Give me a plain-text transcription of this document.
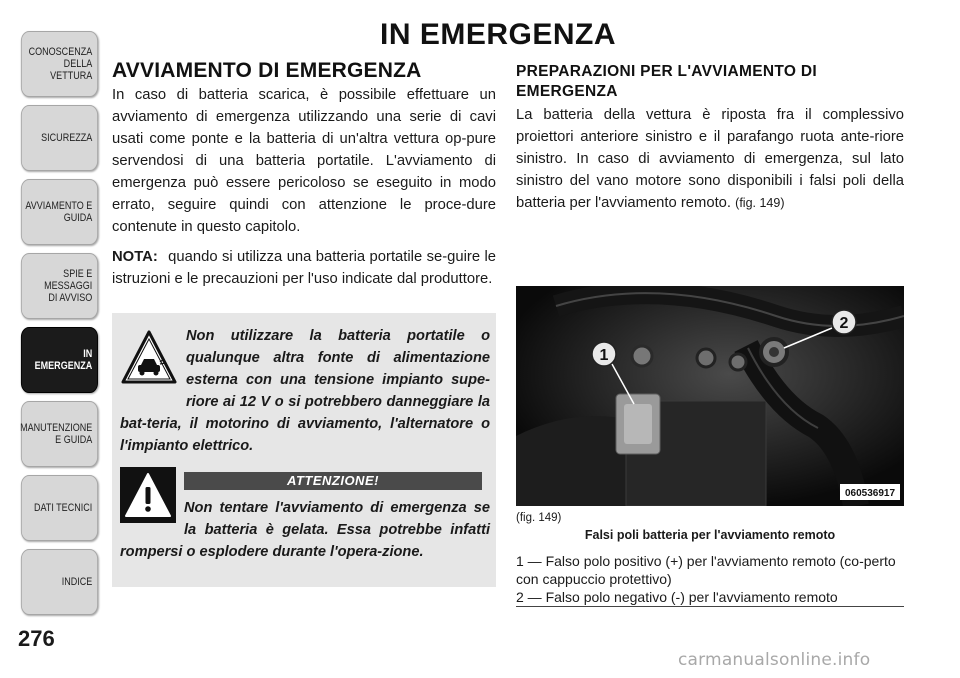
CONOSCENZA DELLA
VETTURA
SICUREZZA
AVVIAMENTO E
GUIDA
SPIE E
MESSAGGI
DI AVVISO
IN
EMERGENZA
MANUTENZIONE
E GUIDA
DATI TECNICI
INDICE
276
IN EMERGENZA
AVVIAMENTO DI EMERGENZA

In caso di batteria scarica, è possibile effettuare un avviamento di emergenza utilizzando una serie di cavi usati come ponte e la batteria di un'altra vettura op-pure servendosi di una batteria portatile. L'avviamento di emergenza può essere pericoloso se eseguito in modo errato, seguire quindi con attenzione le proce-dure contenute in questo capitolo.

NOTA: quando si utilizza una batteria portatile se-guire le istruzioni e le precauzioni per l'uso indicate dal produttore.

Non utilizzare la batteria portatile o qualunque altra fonte di alimentazione esterna con una tensione impianto supe-riore ai 12 V o si potrebbero danneggiare la bat-teria, il motorino di avviamento, l'alternatore o l'impianto elettrico.
ATTENZIONE!
Non tentare l'avviamento di emergenza se la batteria è gelata. Essa potrebbe infatti rompersi o esplodere durante l'opera-zione.
PREPARAZIONI PER L'AVVIAMENTO DI EMERGENZA

La batteria della vettura è riposta fra il complessivo proiettori anteriore sinistro e il parafango ruota ante-riore sinistro. In caso di avviamento di emergenza, sul lato sinistro del vano motore sono disponibili i falsi poli della batteria per l'avviamento remoto. (fig. 149)

1
2
060536917
(fig. 149)
Falsi poli batteria per l'avviamento remoto
1 — Falso polo positivo (+) per l'avviamento remoto (co-perto con cappuccio protettivo)
2 — Falso polo negativo (-) per l'avviamento remoto
carmanualsonline.info
